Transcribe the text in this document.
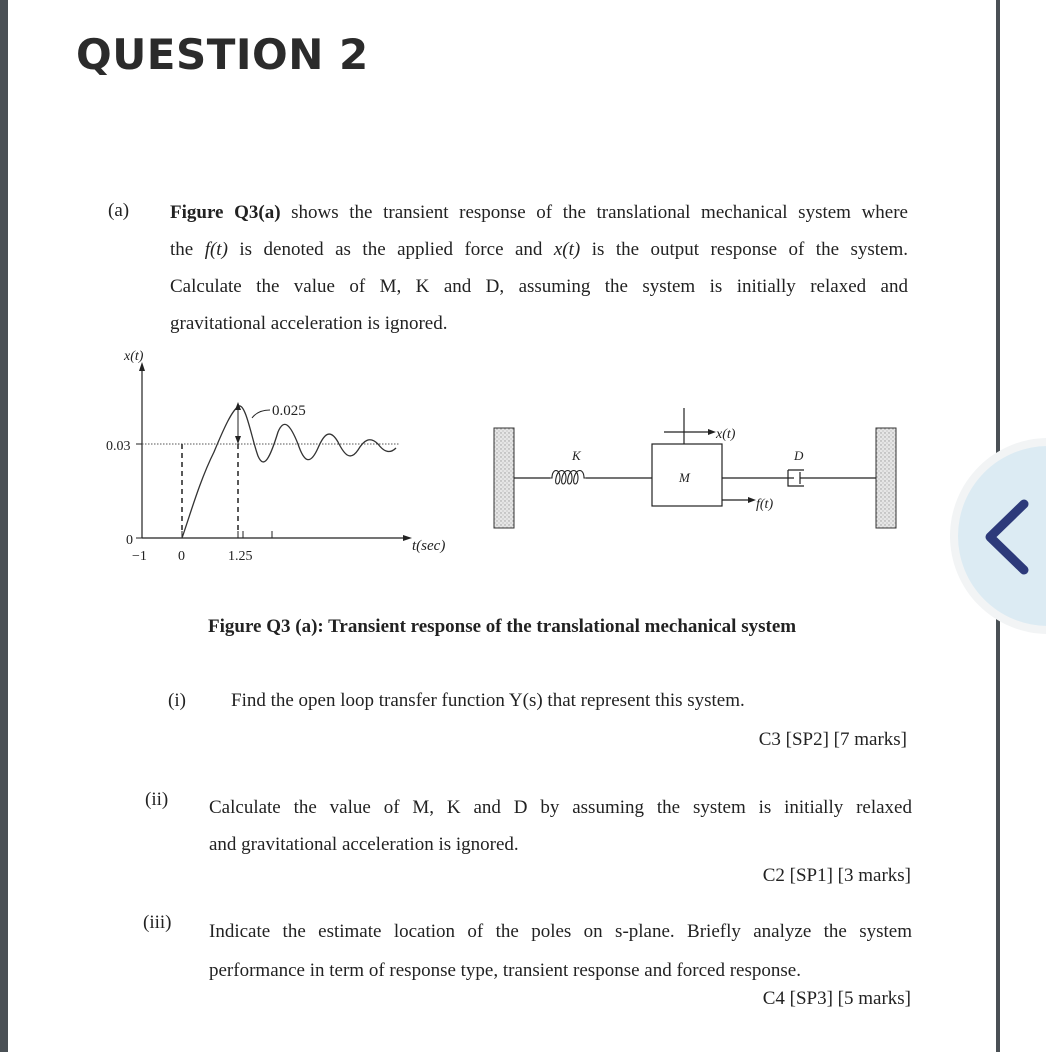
QUESTION 2
(a) Figure Q3(a) shows the transient response of the translational mechanical system where
the f(t) is denoted as the applied force and x(t) is the output response of the system.
Calculate the value of M, K and D, assuming the system is initially relaxed and
gravitational acceleration is ignored.
0.025
x(t)
0.03
0
−1 0	1.25
t(sec)
K
M
x(t)
f(t)
D
Figure Q3 (a): Transient response of the translational mechanical system
(i) Find the open loop transfer function Y(s) that represent this system.
C3 [SP2] [7 marks]
(ii) Calculate the value of M, K and D by assuming the system is initially relaxed
and gravitational acceleration is ignored.
C2 [SP1] [3 marks]
(iii) Indicate the estimate location of the poles on s-plane. Briefly analyze the system
performance in term of response type, transient response and forced response.
C4 [SP3] [5 marks]
